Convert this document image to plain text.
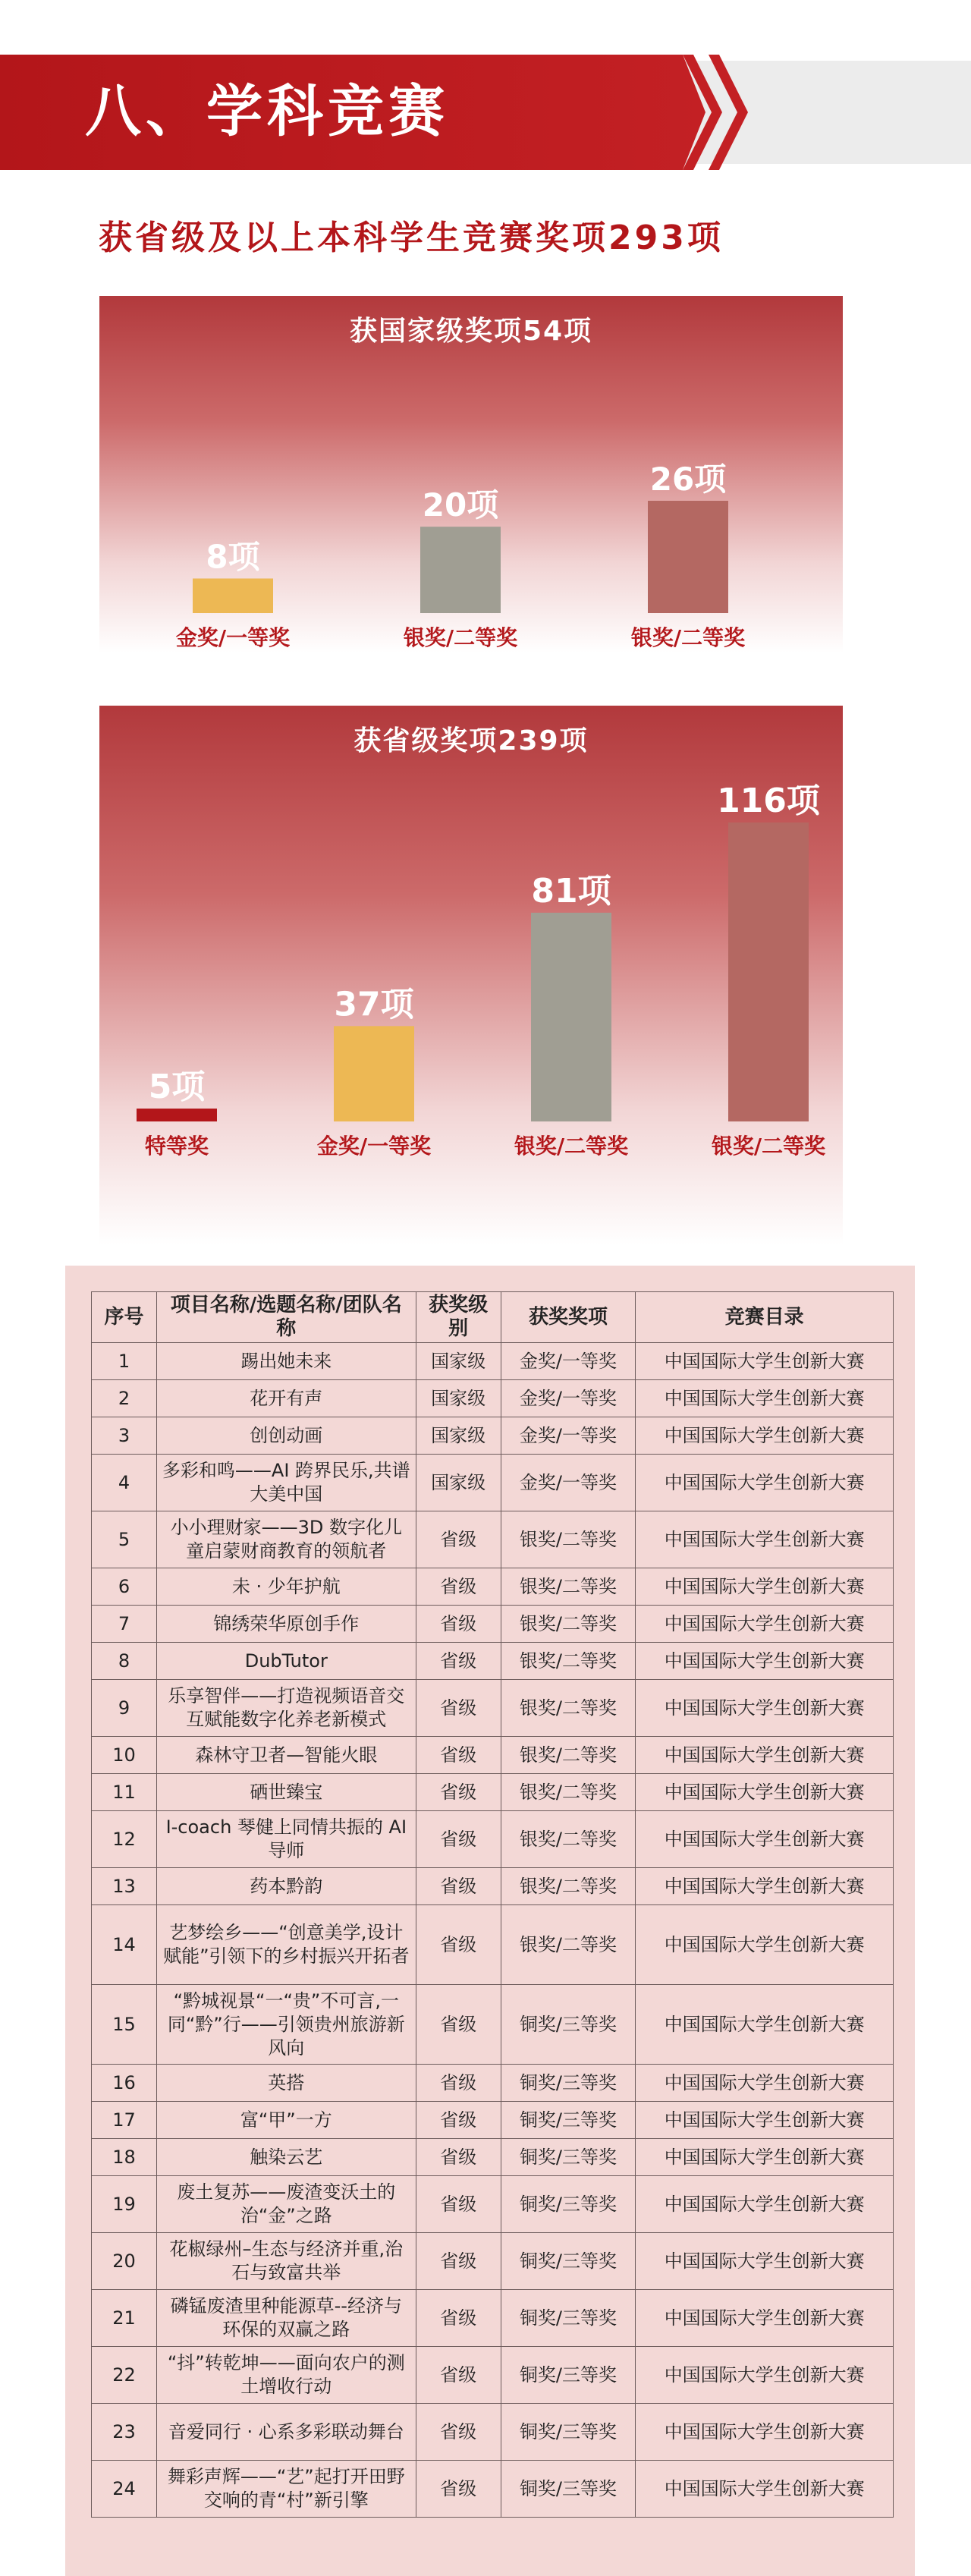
八、学科竞赛
获省级及以上本科学生竞赛奖项293项
获国家级奖项54项
8项
金奖/一等奖
20项
银奖/二等奖
26项
银奖/二等奖
获省级奖项239项
5项
特等奖
37项
金奖/一等奖
81项
银奖/二等奖
116项
银奖/二等奖
序号	项目名称/选题名称/团队名称	获奖级别	获奖奖项	竞赛目录
1	踢出她未来	国家级	金奖/一等奖	中国国际大学生创新大赛
2	花开有声	国家级	金奖/一等奖	中国国际大学生创新大赛
3	创创动画	国家级	金奖/一等奖	中国国际大学生创新大赛
4	多彩和鸣——AI 跨界民乐,共谱大美中国	国家级	金奖/一等奖	中国国际大学生创新大赛
5	小小理财家——3D 数字化儿童启蒙财商教育的领航者	省级	银奖/二等奖	中国国际大学生创新大赛
6	未 · 少年护航	省级	银奖/二等奖	中国国际大学生创新大赛
7	锦绣荣华原创手作	省级	银奖/二等奖	中国国际大学生创新大赛
8	DubTutor	省级	银奖/二等奖	中国国际大学生创新大赛
9	乐享智伴——打造视频语音交互赋能数字化养老新模式	省级	银奖/二等奖	中国国际大学生创新大赛
10	森林守卫者—智能火眼	省级	银奖/二等奖	中国国际大学生创新大赛
11	硒世臻宝	省级	银奖/二等奖	中国国际大学生创新大赛
12	I-coach 琴健上同情共振的 AI 导师	省级	银奖/二等奖	中国国际大学生创新大赛
13	药本黔韵	省级	银奖/二等奖	中国国际大学生创新大赛
14	艺梦绘乡——“创意美学,设计赋能”引领下的乡村振兴开拓者	省级	银奖/二等奖	中国国际大学生创新大赛
15	“黔城视景“一“贵”不可言,一同“黔”行——引领贵州旅游新风向	省级	铜奖/三等奖	中国国际大学生创新大赛
16	英搭	省级	铜奖/三等奖	中国国际大学生创新大赛
17	富“甲”一方	省级	铜奖/三等奖	中国国际大学生创新大赛
18	触染云艺	省级	铜奖/三等奖	中国国际大学生创新大赛
19	废土复苏——废渣变沃土的治“金”之路	省级	铜奖/三等奖	中国国际大学生创新大赛
20	花椒绿州–生态与经济并重,治石与致富共举	省级	铜奖/三等奖	中国国际大学生创新大赛
21	磷锰废渣里种能源草--经济与环保的双赢之路	省级	铜奖/三等奖	中国国际大学生创新大赛
22	“抖”转乾坤——面向农户的测土增收行动	省级	铜奖/三等奖	中国国际大学生创新大赛
23	音爱同行 · 心系多彩联动舞台	省级	铜奖/三等奖	中国国际大学生创新大赛
24	舞彩声辉——“艺”起打开田野交响的青“村”新引擎	省级	铜奖/三等奖	中国国际大学生创新大赛
